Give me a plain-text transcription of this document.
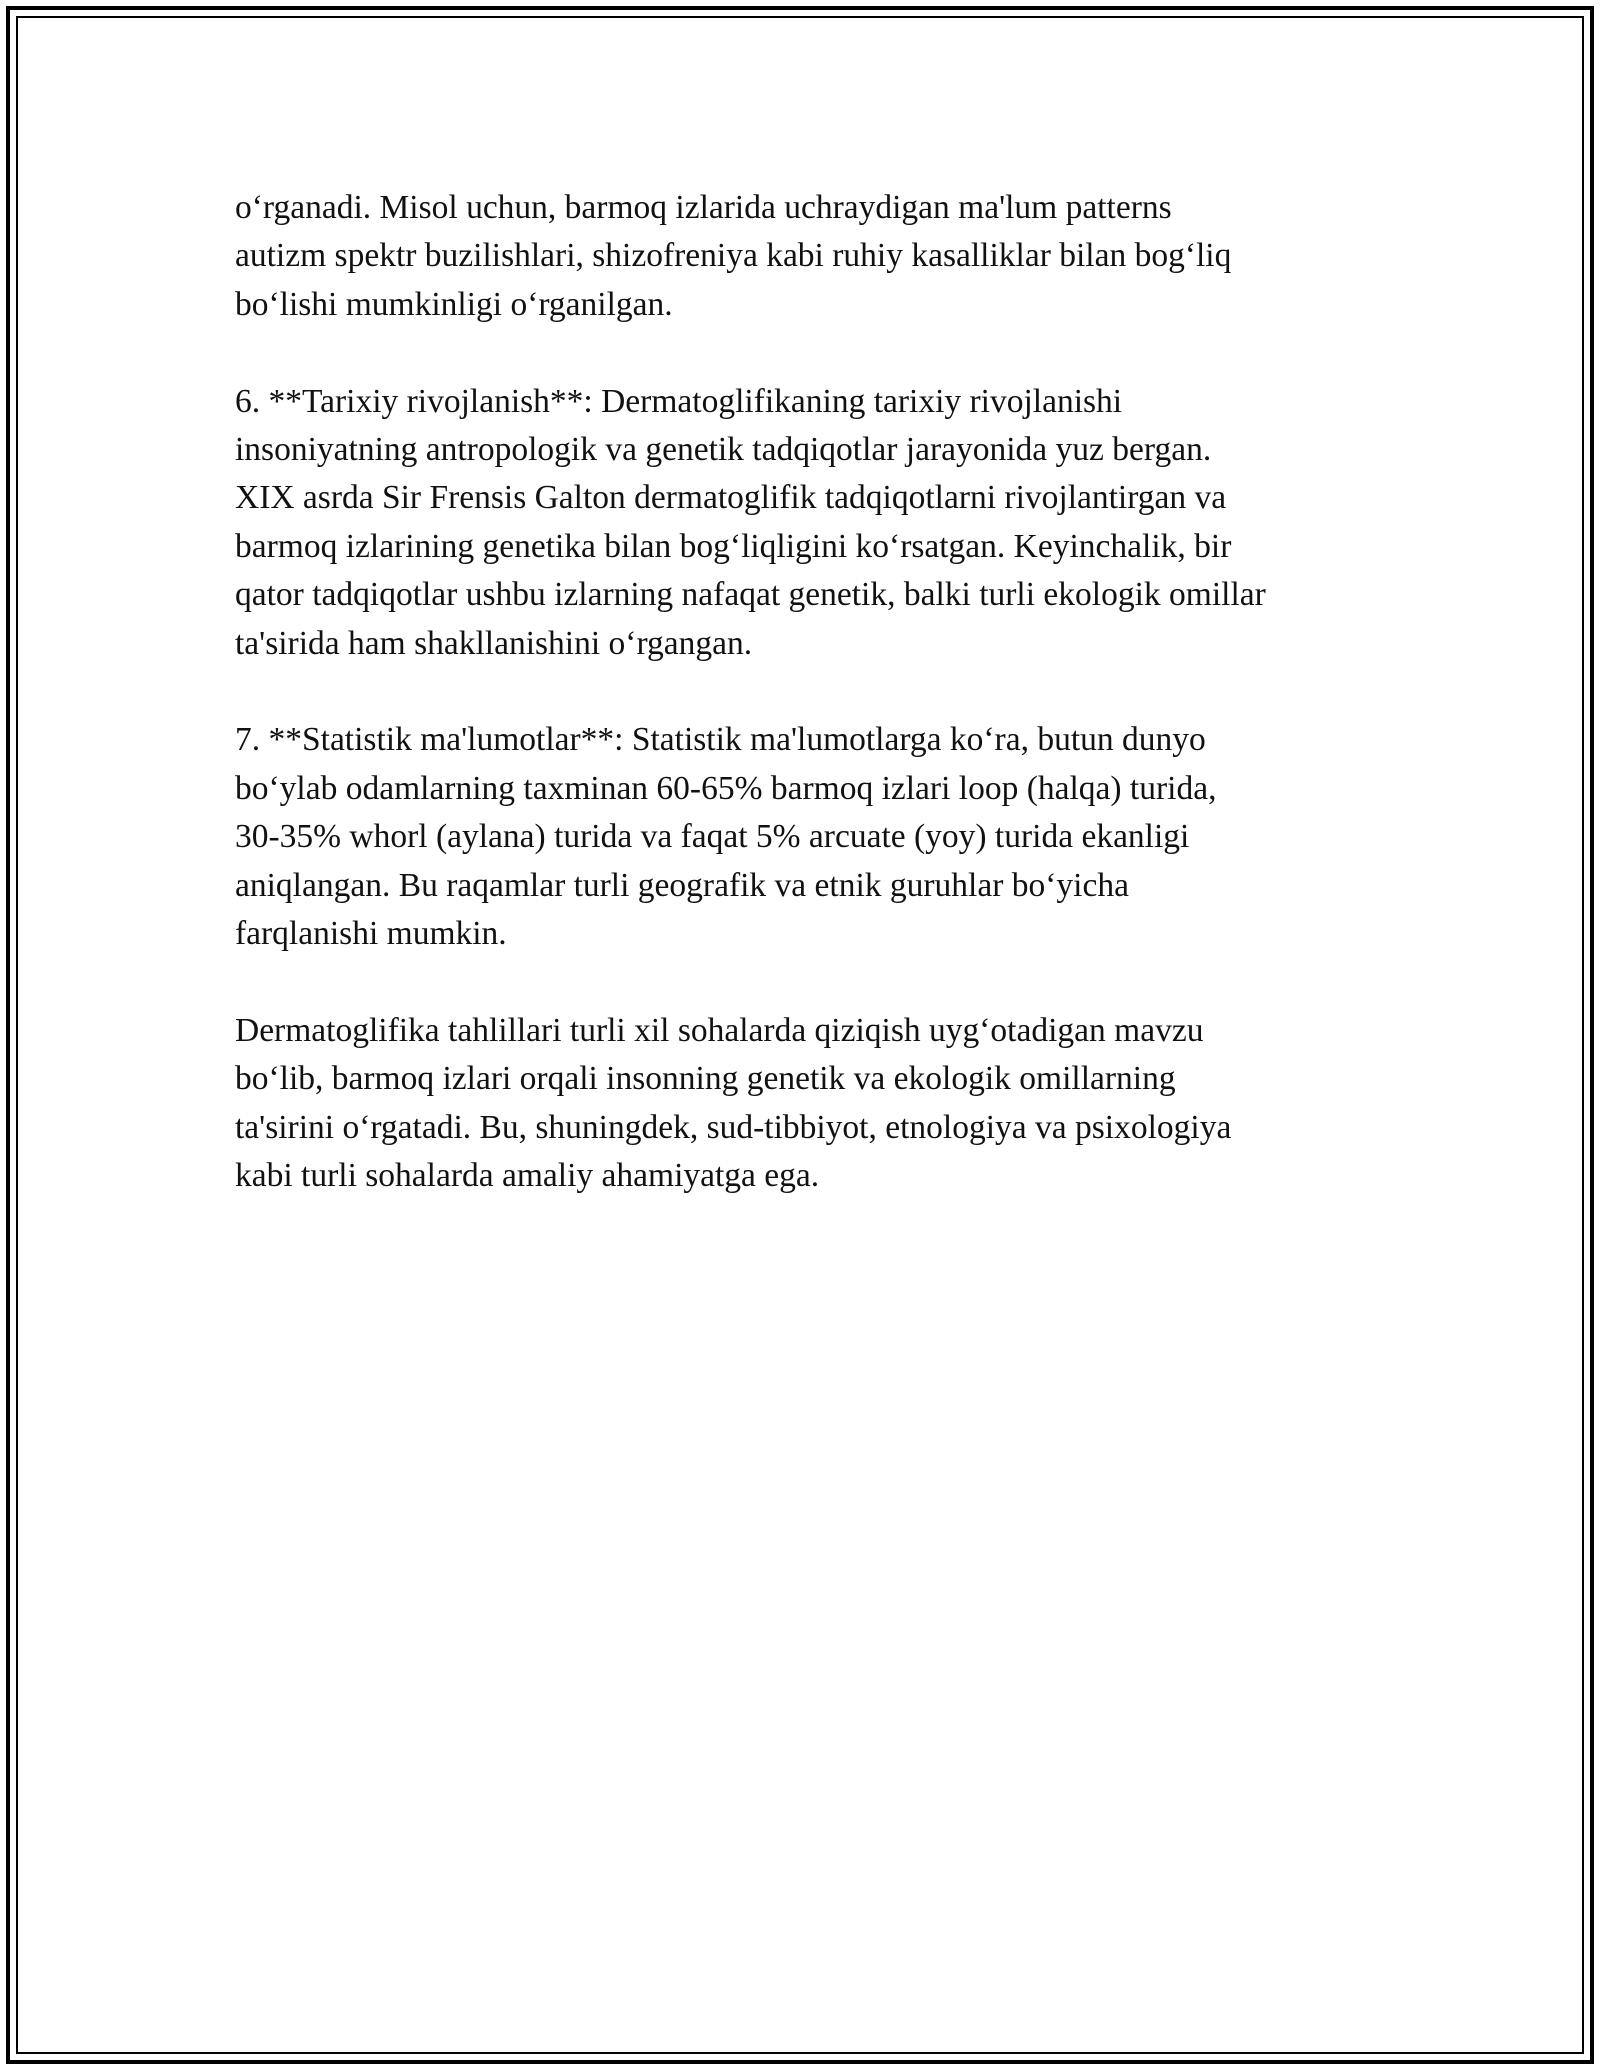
o‘rganadi. Misol uchun, barmoq izlarida uchraydigan ma'lum patterns
autizm spektr buzilishlari, shizofreniya kabi ruhiy kasalliklar bilan bog‘liq
bo‘lishi mumkinligi o‘rganilgan.

6. **Tarixiy rivojlanish**: Dermatoglifikaning tarixiy rivojlanishi
insoniyatning antropologik va genetik tadqiqotlar jarayonida yuz bergan.
XIX asrda Sir Frensis Galton dermatoglifik tadqiqotlarni rivojlantirgan va
barmoq izlarining genetika bilan bog‘liqligini ko‘rsatgan. Keyinchalik, bir
qator tadqiqotlar ushbu izlarning nafaqat genetik, balki turli ekologik omillar
ta'sirida ham shakllanishini o‘rgangan.

7. **Statistik ma'lumotlar**: Statistik ma'lumotlarga ko‘ra, butun dunyo
bo‘ylab odamlarning taxminan 60-65% barmoq izlari loop (halqa) turida,
30-35% whorl (aylana) turida va faqat 5% arcuate (yoy) turida ekanligi
aniqlangan. Bu raqamlar turli geografik va etnik guruhlar bo‘yicha
farqlanishi mumkin.

Dermatoglifika tahlillari turli xil sohalarda qiziqish uyg‘otadigan mavzu
bo‘lib, barmoq izlari orqali insonning genetik va ekologik omillarning
ta'sirini o‘rgatadi. Bu, shuningdek, sud-tibbiyot, etnologiya va psixologiya
kabi turli sohalarda amaliy ahamiyatga ega.
